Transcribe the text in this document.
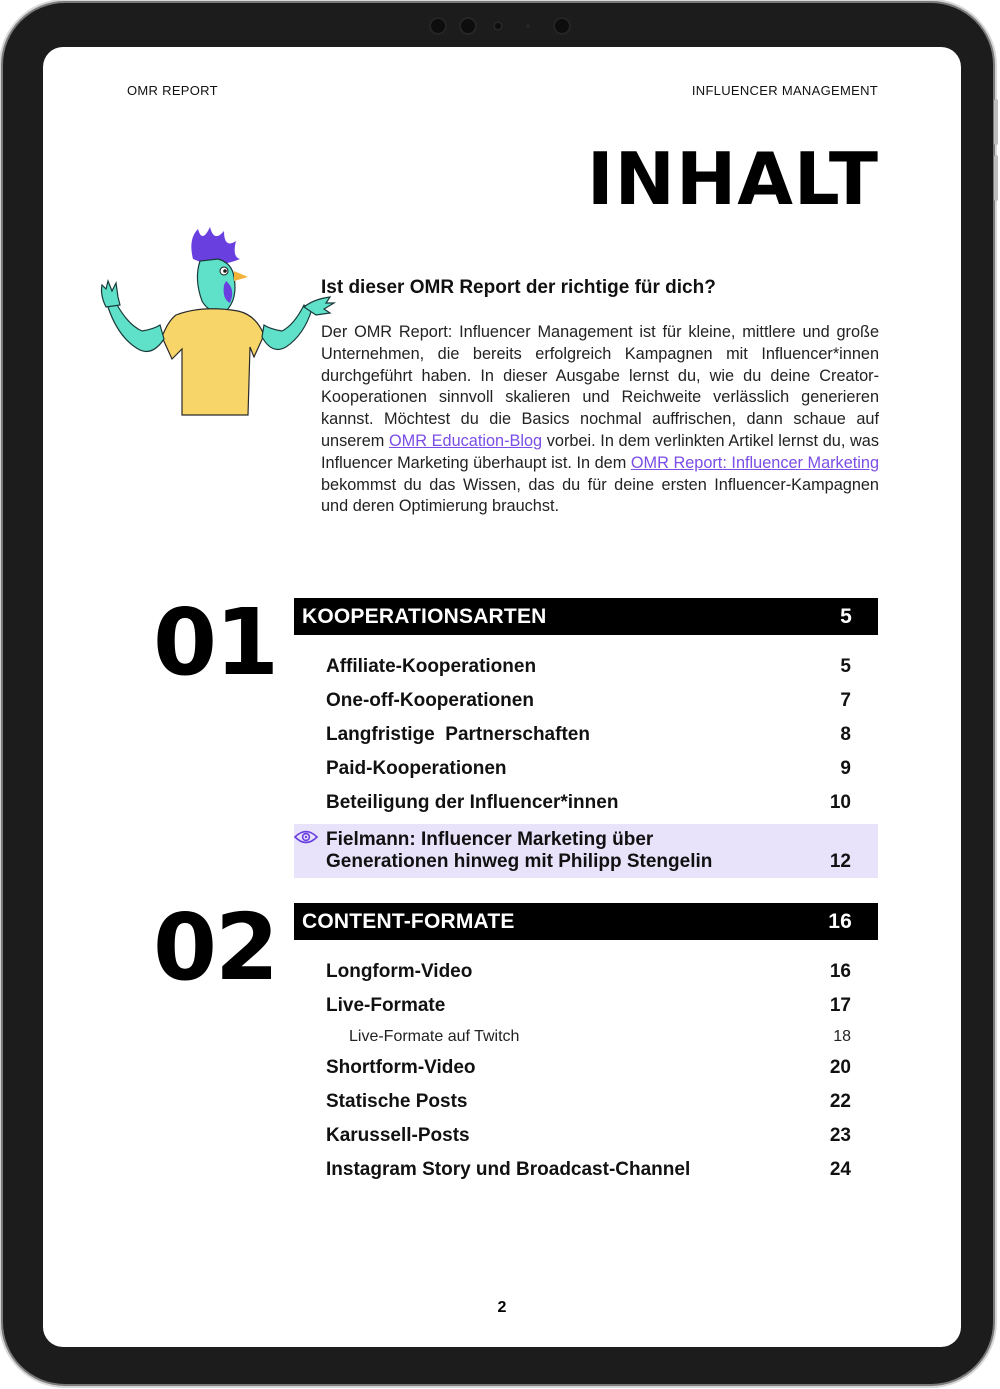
OMR REPORT	INFLUENCER MANAGEMENT
INHALT
Ist dieser OMR Report der richtige für dich?

Der OMR Report: Influencer Management ist für kleine, mittlere und große Unternehmen, die bereits erfolgreich Kampagnen mit Influencer*innen durchgeführt haben. In dieser Ausgabe lernst du, wie du deine Creator-Kooperationen sinnvoll skalieren und Reichweite verlässlich generieren kannst. Möchtest du die Basics nochmal auffrischen, dann schaue auf unserem OMR Education-Blog vorbei. In dem verlinkten Artikel lernst du, was Influencer Marketing überhaupt ist. In dem OMR Report: Influencer Marketing bekommst du das Wissen, das du für deine ersten Influencer-Kampagnen und deren Optimierung brauchst.

01 KOOPERATIONSARTEN	5
Affiliate-Kooperationen	5
One-off-Kooperationen	7
Langfristige  Partnerschaften	8
Paid-Kooperationen	9
Beteiligung der Influencer*innen	10
Fielmann: Influencer Marketing über
Generationen hinweg mit Philipp Stengelin	12
02 CONTENT-FORMATE	16
Longform-Video	16
Live-Formate	17
Live-Formate auf Twitch	18
Shortform-Video	20
Statische Posts	22
Karussell-Posts	23
Instagram Story und Broadcast-Channel	24
2
